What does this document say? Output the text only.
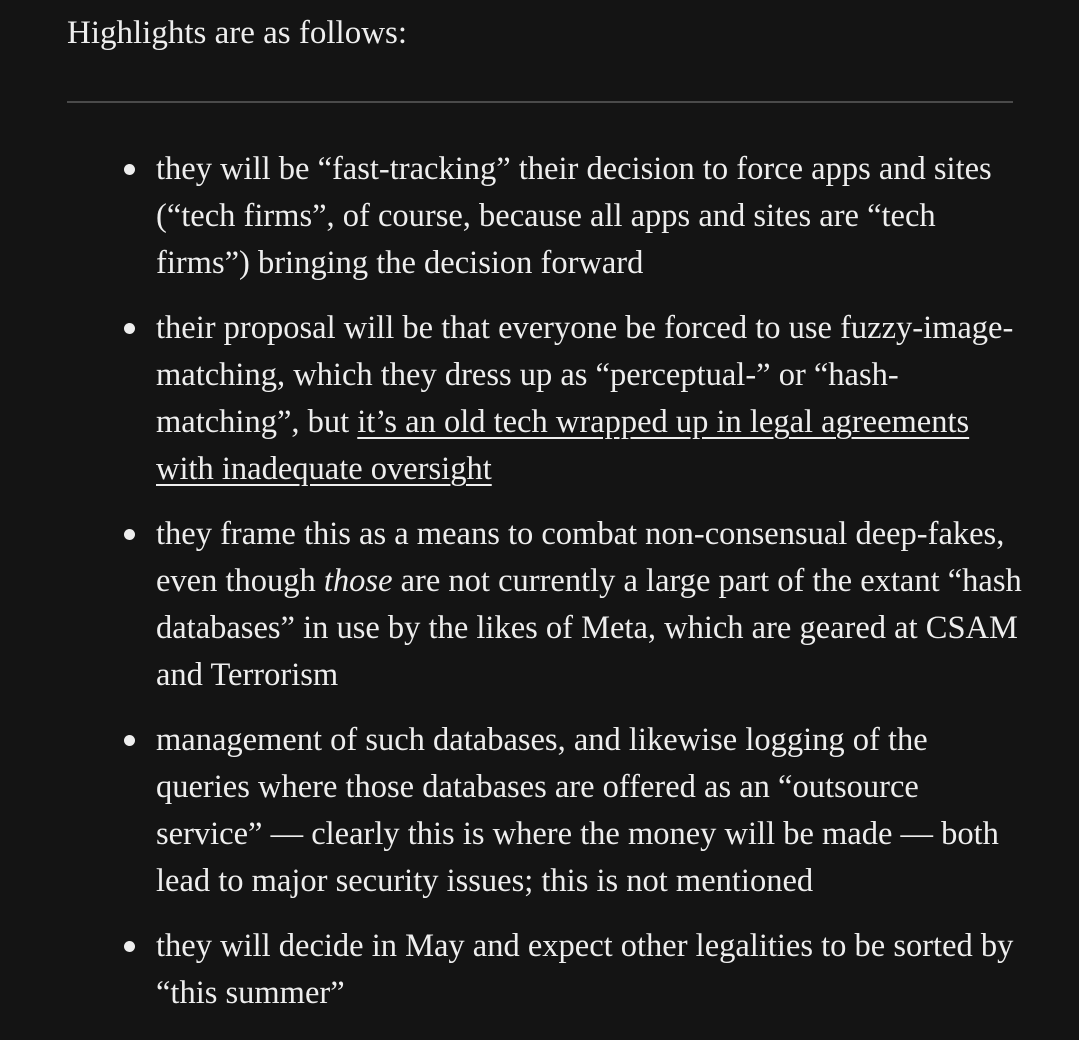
Highlights are as follows:

they will be “fast-tracking” their decision to force apps and sites (“tech firms”, of course, because all apps and sites are “tech firms”) bringing the decision forward
their proposal will be that everyone be forced to use fuzzy-image-matching, which they dress up as “perceptual-” or “hash-matching”, but it’s an old tech wrapped up in legal agreements with inadequate oversight
they frame this as a means to combat non-consensual deep-fakes, even though those are not currently a large part of the extant “hash databases” in use by the likes of Meta, which are geared at CSAM and Terrorism
management of such databases, and likewise logging of the queries where those databases are offered as an “outsource service” — clearly this is where the money will be made — both lead to major security issues; this is not mentioned
they will decide in May and expect other legalities to be sorted by “this summer”
